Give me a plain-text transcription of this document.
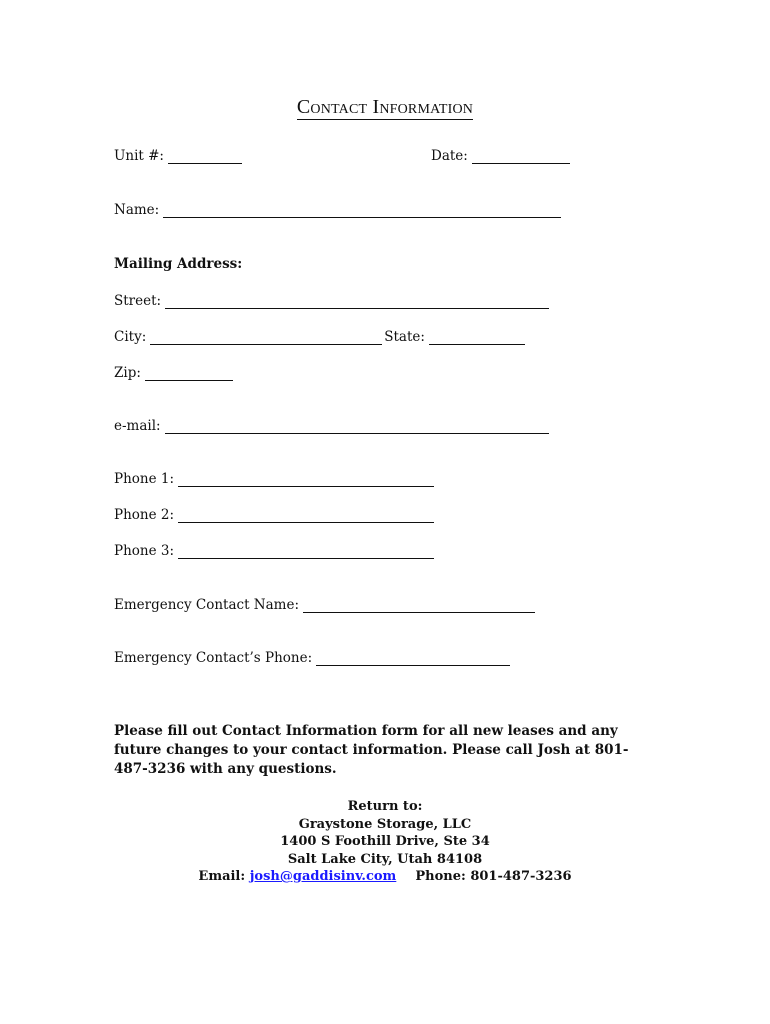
Contact Information
Unit #:	Date:
Name:
Mailing Address:
Street:
City:	State:
Zip:
e-mail:
Phone 1:
Phone 2:
Phone 3:
Emergency Contact Name:
Emergency Contact’s Phone:
Please fill out Contact Information form for all new leases and any future changes to your contact information. Please call Josh at 801-487-3236 with any questions.
Return to:
Graystone Storage, LLC
1400 S Foothill Drive, Ste 34
Salt Lake City, Utah 84108
Email: josh@gaddisinv.com Phone: 801-487-3236
